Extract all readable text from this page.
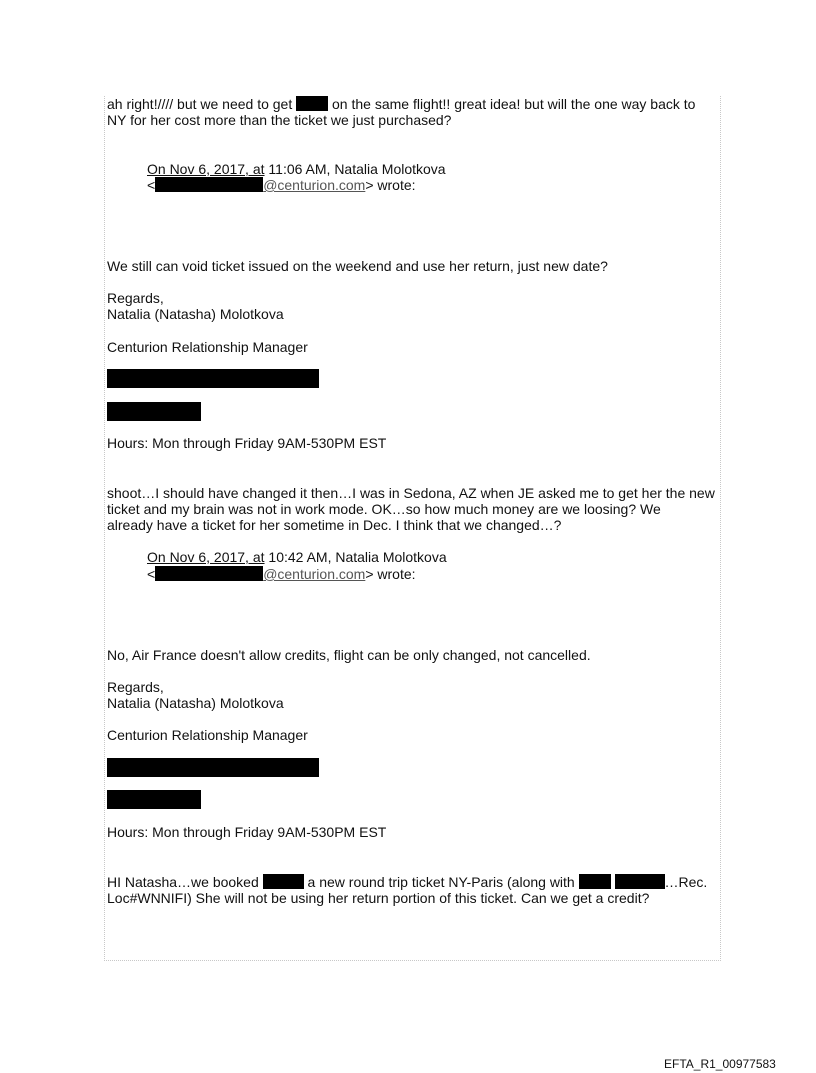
ah right!//// but we need to get	on the same flight!! great idea! but will the one way back to
NY for her cost more than the ticket we just purchased?
On Nov 6, 2017, at 11:06 AM, Natalia Molotkova
<	@centurion.com> wrote:
We still can void ticket issued on the weekend and use her return, just new date?
Regards,
Natalia (Natasha) Molotkova
Centurion Relationship Manager
Hours: Mon through Friday 9AM-530PM EST
shoot…I should have changed it then…I was in Sedona, AZ when JE asked me to get her the new
ticket and my brain was not in work mode. OK…so how much money are we loosing? We
already have a ticket for her sometime in Dec. I think that we changed…?
On Nov 6, 2017, at 10:42 AM, Natalia Molotkova
<	@centurion.com> wrote:
No, Air France doesn't allow credits, flight can be only changed, not cancelled.
Regards,
Natalia (Natasha) Molotkova
Centurion Relationship Manager
Hours: Mon through Friday 9AM-530PM EST
HI Natasha…we booked	a new round trip ticket NY-Paris (along with	…Rec.
Loc#WNNIFI) She will not be using her return portion of this ticket. Can we get a credit?
EFTA_R1_00977583
